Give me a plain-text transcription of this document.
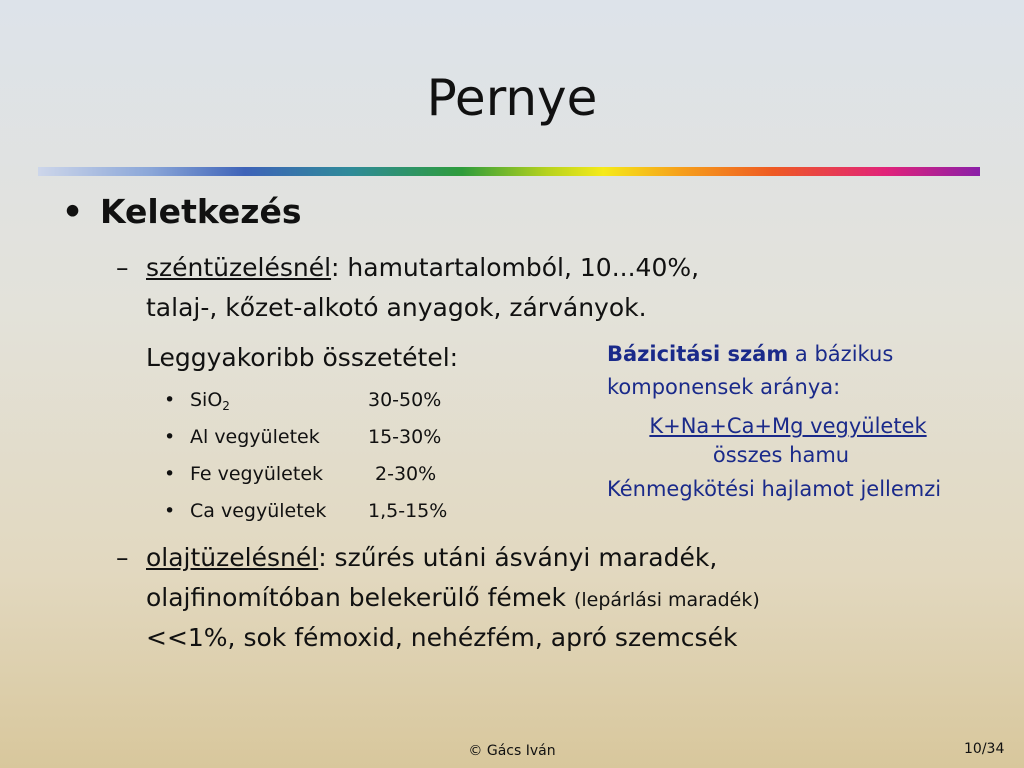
Pernye
• Keletkezés
– széntüzelésnél: hamutartalomból, 10...40%,
talaj-, kőzet-alkotó anyagok, zárványok.
Leggyakoribb összetétel:
• SiO$_2$	30-50%
• Al vegyületek	15-30%
• Fe vegyületek	2-30%
• Ca vegyületek 1,5-15%
– olajtüzelésnél: szűrés utáni ásványi maradék,
olajfinomítóban belekerülő fémek (lepárlási maradék)
<<1%, sok fémoxid, nehézfém, apró szemcsék
Bázicitási szám a bázikus
komponensek aránya:
K+Na+Ca+Mg vegyületek
összes hamu
Kénmegkötési hajlamot jellemzi
© Gács Iván	10/34
